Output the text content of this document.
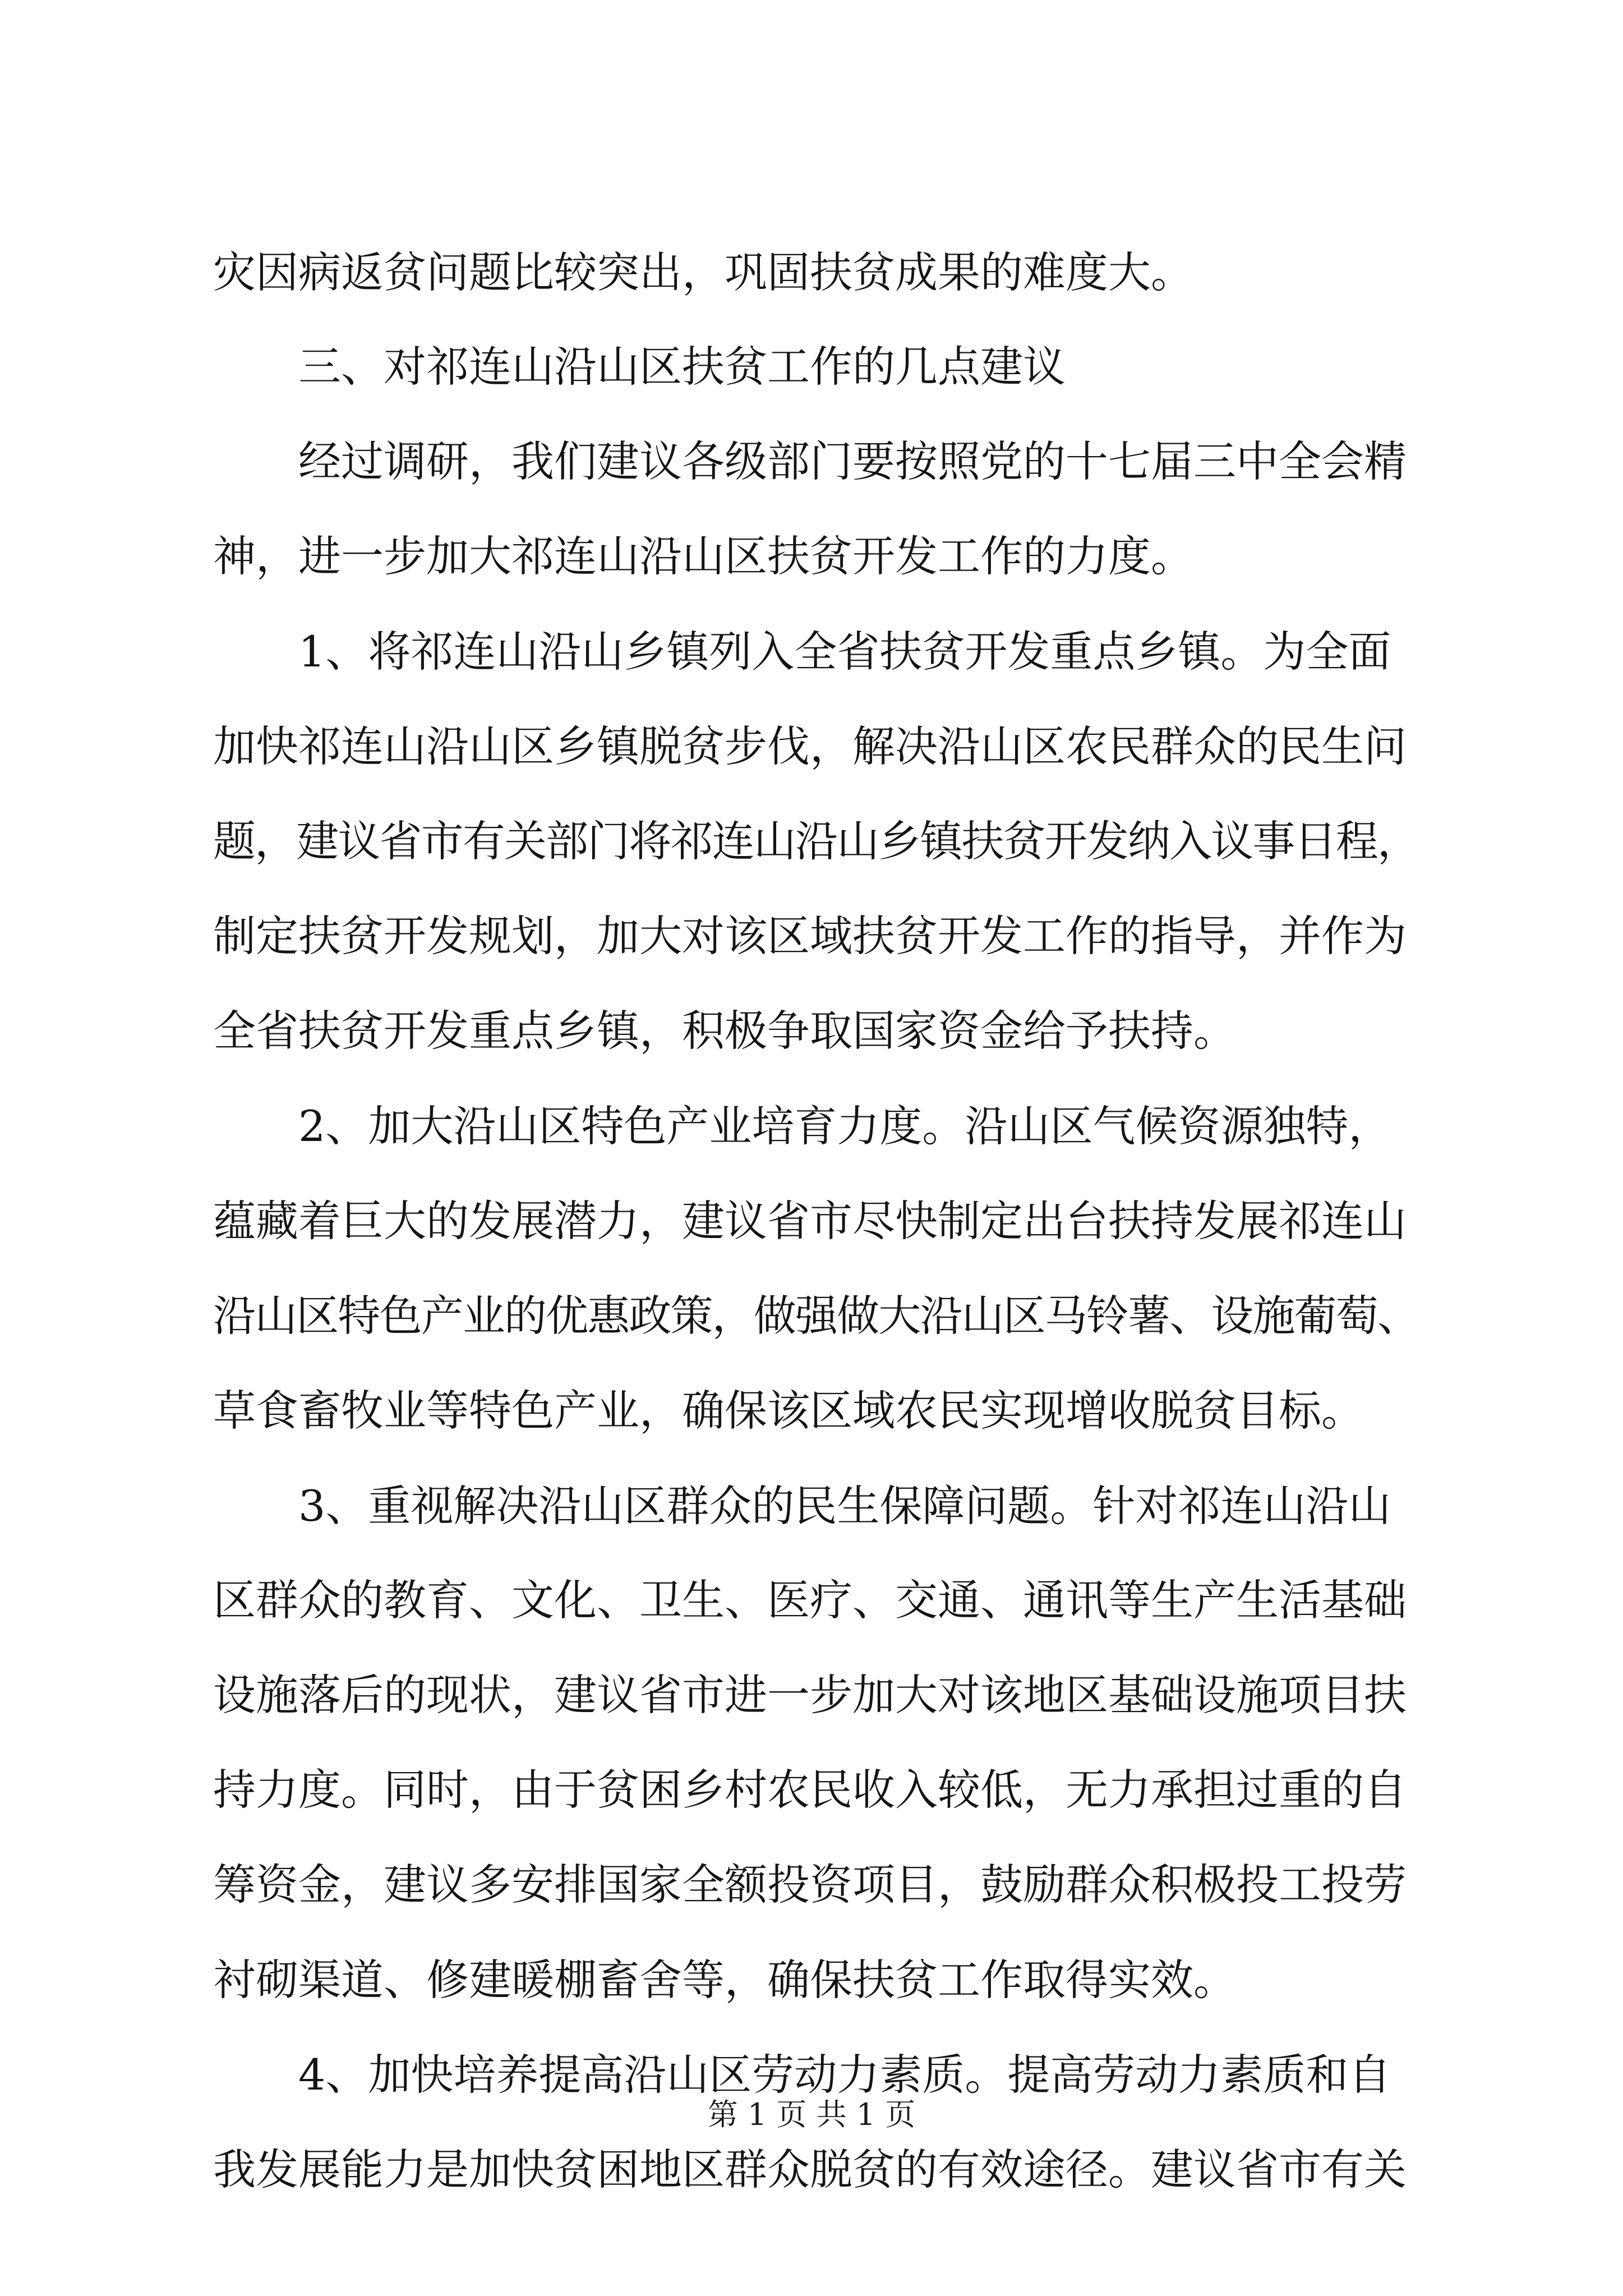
灾因病返贫问题比较突出，巩固扶贫成果的难度大。
三、对祁连山沿山区扶贫工作的几点建议
经过调研，我们建议各级部门要按照党的十七届三中全会精
神，进一步加大祁连山沿山区扶贫开发工作的力度。
1、将祁连山沿山乡镇列入全省扶贫开发重点乡镇。为全面
加快祁连山沿山区乡镇脱贫步伐，解决沿山区农民群众的民生问
题，建议省市有关部门将祁连山沿山乡镇扶贫开发纳入议事日程，
制定扶贫开发规划，加大对该区域扶贫开发工作的指导，并作为
全省扶贫开发重点乡镇，积极争取国家资金给予扶持。
2、加大沿山区特色产业培育力度。沿山区气候资源独特，
蕴藏着巨大的发展潜力，建议省市尽快制定出台扶持发展祁连山
沿山区特色产业的优惠政策，做强做大沿山区马铃薯、设施葡萄、
草食畜牧业等特色产业，确保该区域农民实现增收脱贫目标。
3、重视解决沿山区群众的民生保障问题。针对祁连山沿山
区群众的教育、文化、卫生、医疗、交通、通讯等生产生活基础
设施落后的现状，建议省市进一步加大对该地区基础设施项目扶
持力度。同时，由于贫困乡村农民收入较低，无力承担过重的自
筹资金，建议多安排国家全额投资项目，鼓励群众积极投工投劳
衬砌渠道、修建暖棚畜舍等，确保扶贫工作取得实效。
4、加快培养提高沿山区劳动力素质。提高劳动力素质和自
我发展能力是加快贫困地区群众脱贫的有效途径。建议省市有关
第 1 页 共 1 页
